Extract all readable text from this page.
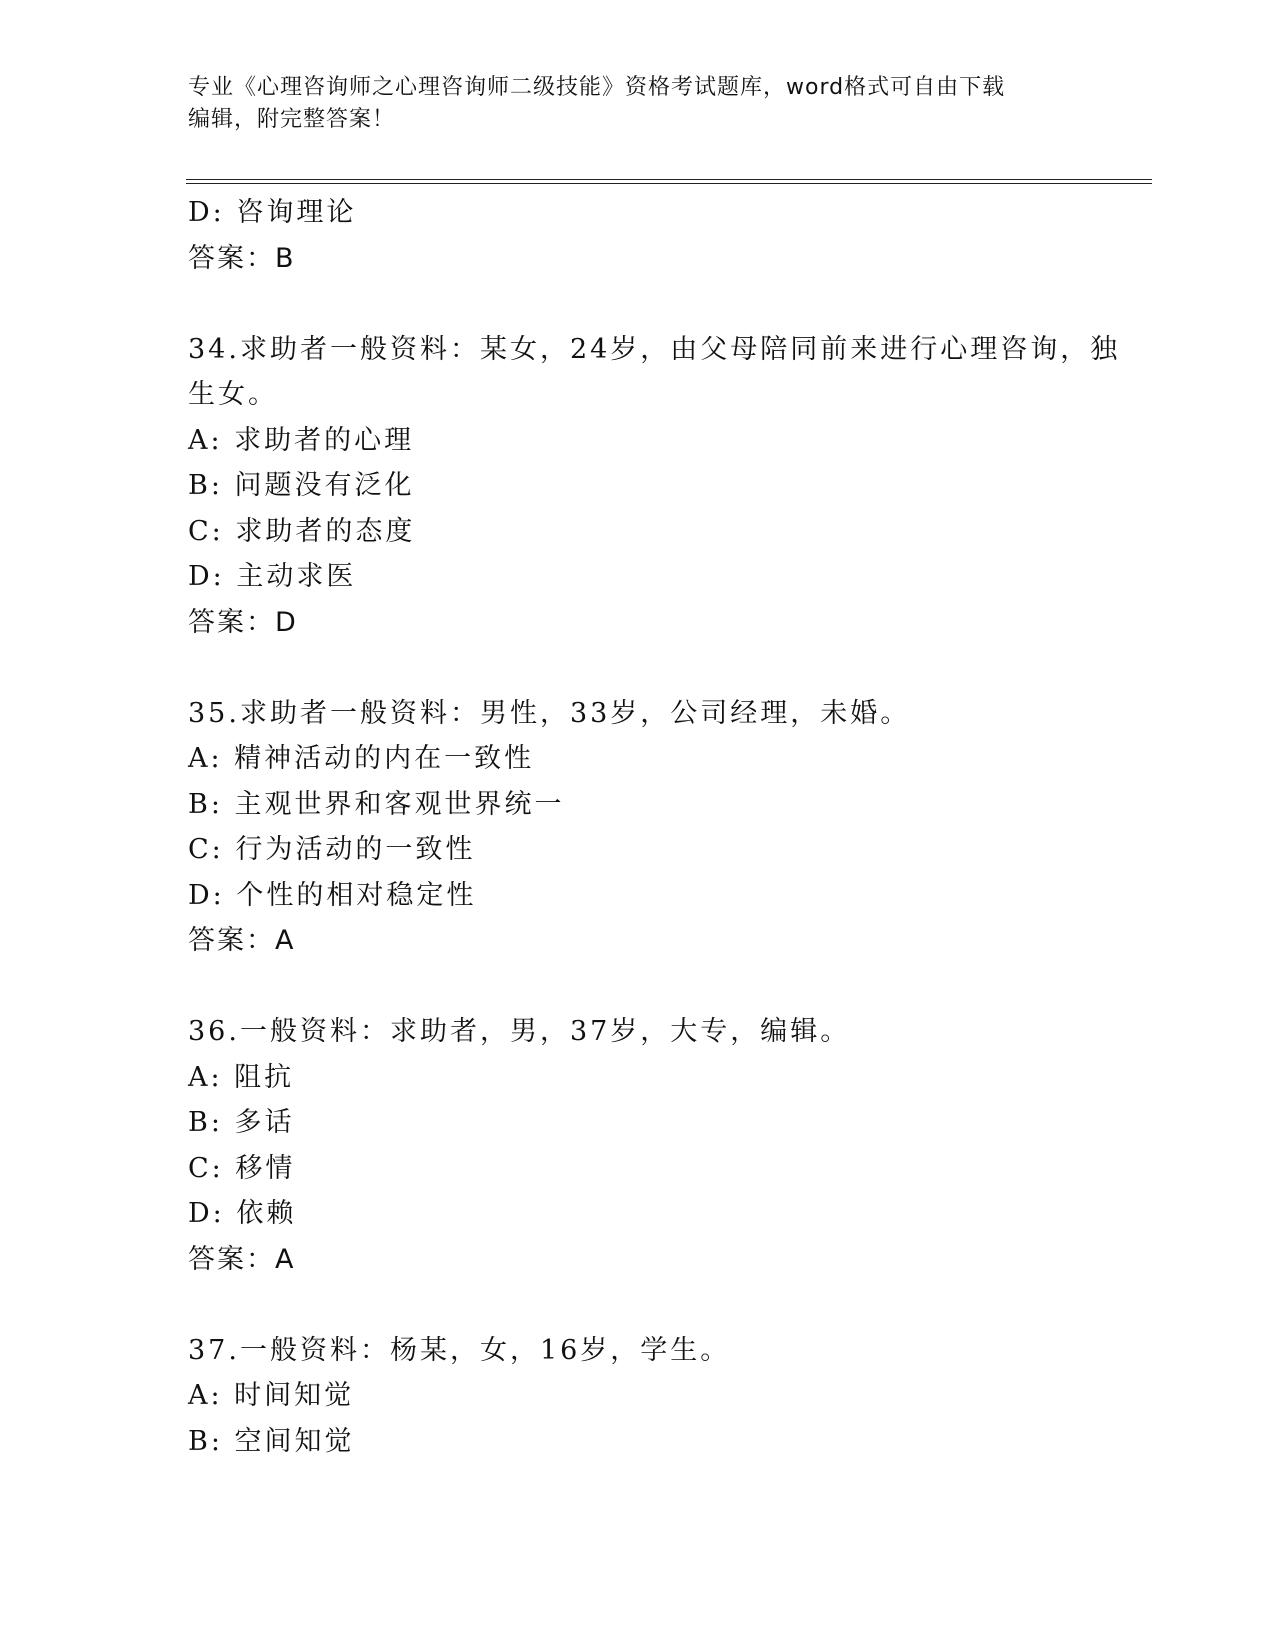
专业《心理咨询师之心理咨询师二级技能》资格考试题库，word格式可自由下载
编辑，附完整答案！
D: 咨询理论
答案：B
34.求助者一般资料：某女，24岁，由父母陪同前来进行心理咨询，独
生女。
A: 求助者的心理
B: 问题没有泛化
C: 求助者的态度
D: 主动求医
答案：D
35.求助者一般资料：男性，33岁，公司经理，未婚。
A: 精神活动的内在一致性
B: 主观世界和客观世界统一
C: 行为活动的一致性
D: 个性的相对稳定性
答案：A
36.一般资料：求助者，男，37岁，大专，编辑。
A: 阻抗
B: 多话
C: 移情
D: 依赖
答案：A
37.一般资料：杨某，女，16岁，学生。
A: 时间知觉
B: 空间知觉
